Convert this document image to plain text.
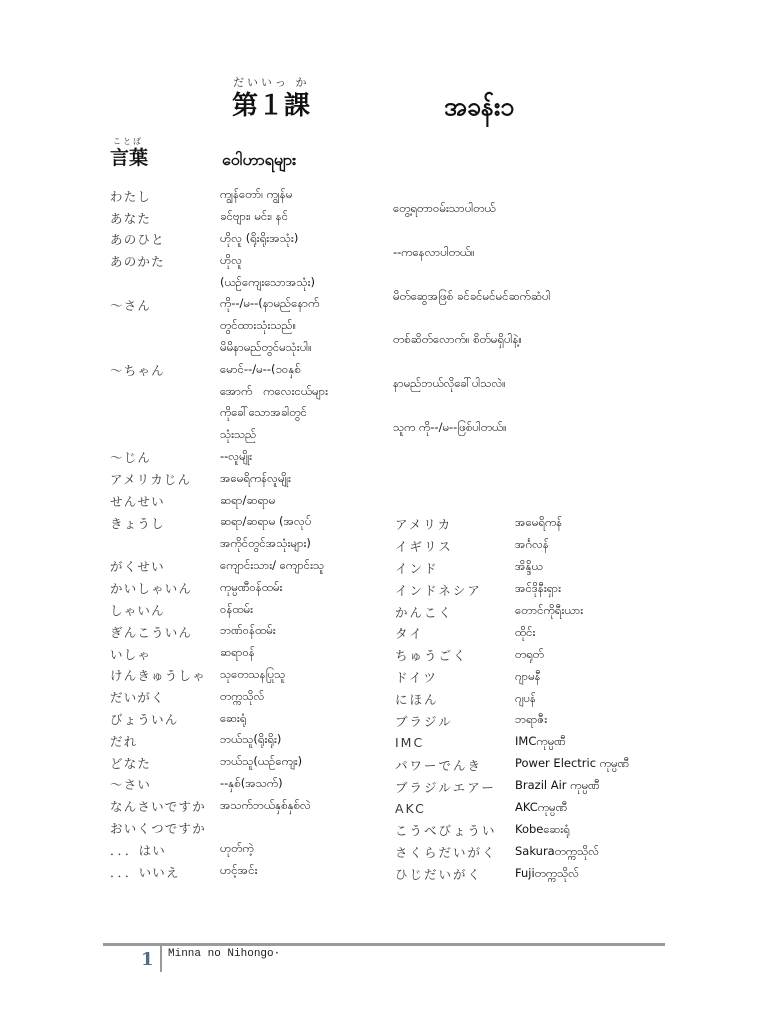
だいいっ か
第１課	အခန်း၁
ことば
言葉	ဝေါဟာရများ
わたし	ကျွန်တော်၊ ကျွန်မ
あなた	ခင်ဗျား၊ မင်း၊ နင်
あのひと	ဟိုလူ (ရိုးရိုးအသုံး)
あのかた	ဟိုလူ
(ယဉ်ကျေးသောအသုံး)
～さん	ကို--/မ--(နာမည်နောက်
တွင်ထားသုံးသည်။
မိမိနာမည်တွင်မသုံးပါ။
～ちゃん	မောင်--/မ--(၁၀နှစ်
အောက်   ကလေးငယ်များ
ကိုခေါ်သောအခါတွင်
သုံးသည်
～じん	--လူမျိုး
アメリカじん	အမေရိကန်လူမျိုး
せんせい	ဆရာ/ဆရာမ
きょうし	ဆရာ/ဆရာမ (အလုပ်
အကိုင်တွင်အသုံးများ)
がくせい	ကျောင်းသား/ ကျောင်းသူ
かいしゃいん	ကုမ္ပဏီဝန်ထမ်း
しゃいん	ဝန်ထမ်း
ぎんこういん	ဘဏ်ဝန်ထမ်း
いしゃ	ဆရာဝန်
けんきゅうしゃ	သုတေသနပြုသူ
だいがく	တက္ကသိုလ်
びょういん	ဆေးရုံ
だれ	ဘယ်သူ(ရိုးရိုး)
どなた	ဘယ်သူ(ယဉ်ကျေး)
～さい	--နှစ်(အသက်)
なんさいですか	အသက်ဘယ်နှစ်နှစ်လဲ
おいくつですか
．．．はい	ဟုတ်ကဲ့
．．．いいえ	ဟင့်အင်း
တွေ့ရတာဝမ်းသာပါတယ်
--ကနေလာပါတယ်။
မိတ်ဆွေအဖြစ် ခင်ခင်မင်မင်ဆက်ဆံပါ
တစ်ဆိတ်လောက်။ စိတ်မရှိပါနဲ့။
နာမည်ဘယ်လိုခေါ်ပါသလဲ။
သူက ကို--/မ--ဖြစ်ပါတယ်။
アメリカ	အမေရိကန်
イギリス	အင်္ဂလန်
インド	အိန္ဒိယ
インドネシア	အင်ဒိုနီးရှား
かんこく	တောင်ကိုရီးယား
タイ	ထိုင်း
ちゅうごく	တရုတ်
ドイツ	ဂျာမနီ
にほん	ဂျပန်
ブラジル	ဘရာဇီး
IMC	IMCကုမ္ပဏီ
パワーでんき	Power Electric ကုမ္ပဏီ
ブラジルエアー	Brazil Air ကုမ္ပဏီ
AKC	AKCကုမ္ပဏီ
こうべびょうい	Kobeဆေးရုံ
さくらだいがく	Sakuraတက္ကသိုလ်
ひじだいがく	Fujiတက္ကသိုလ်
1 Minna no Nihongo·
